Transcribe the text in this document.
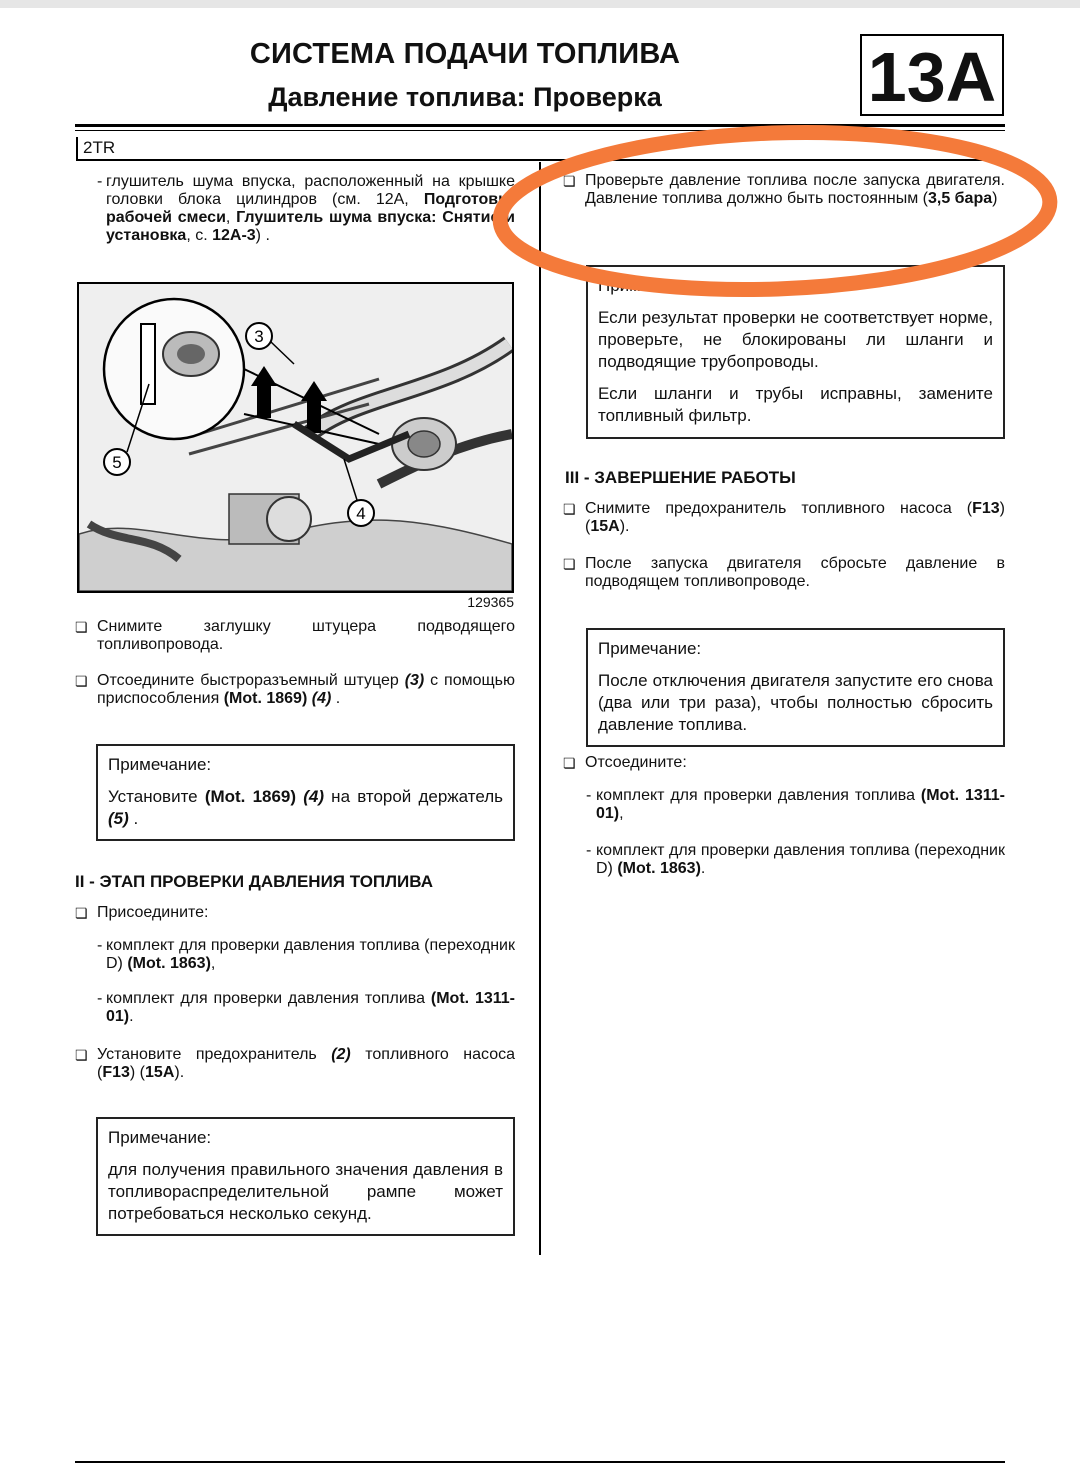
СИСТЕМА ПОДАЧИ ТОПЛИВА
Давление топлива: Проверка	13A
2TR
- глушитель шума впуска, расположенный на крышке головки блока цилиндров (см. 12A, Подготовка рабочей смеси, Глушитель шума впуска: Снятие и установка, с. 12A-3) .
3
5
4
129365
❏ Снимите заглушку штуцера подводящего топливопровода.
❏ Отсоедините быстроразъемный штуцер (3) с помощью приспособления (Mot. 1869) (4) .
Примечание:
Установите (Mot. 1869) (4) на второй держатель (5) .
II - ЭТАП ПРОВЕРКИ ДАВЛЕНИЯ ТОПЛИВА
❏ Присоедините:
- комплект для проверки давления топлива (переходник D) (Mot. 1863),
- комплект для проверки давления топлива (Mot. 1311-01).
❏ Установите предохранитель (2) топливного насоса (F13) (15A).
Примечание:
для получения правильного значения давления в топливораспределительной рампе может потребоваться несколько секунд.
❏ Проверьте давление топлива после запуска двигателя. Давление топлива должно быть постоянным (3,5 бара)
Примечание:
Если результат проверки не соответствует норме, проверьте, не блокированы ли шланги и подводящие трубопроводы.
Если шланги и трубы исправны, замените топливный фильтр.
III - ЗАВЕРШЕНИЕ РАБОТЫ
❏ Снимите предохранитель топливного насоса (F13) (15A).
❏ После запуска двигателя сбросьте давление в подводящем топливопроводе.
Примечание:
После отключения двигателя запустите его снова (два или три раза), чтобы полностью сбросить давление топлива.
❏ Отсоедините:
- комплект для проверки давления топлива (Mot. 1311-01),
- комплект для проверки давления топлива (переходник D) (Mot. 1863).
